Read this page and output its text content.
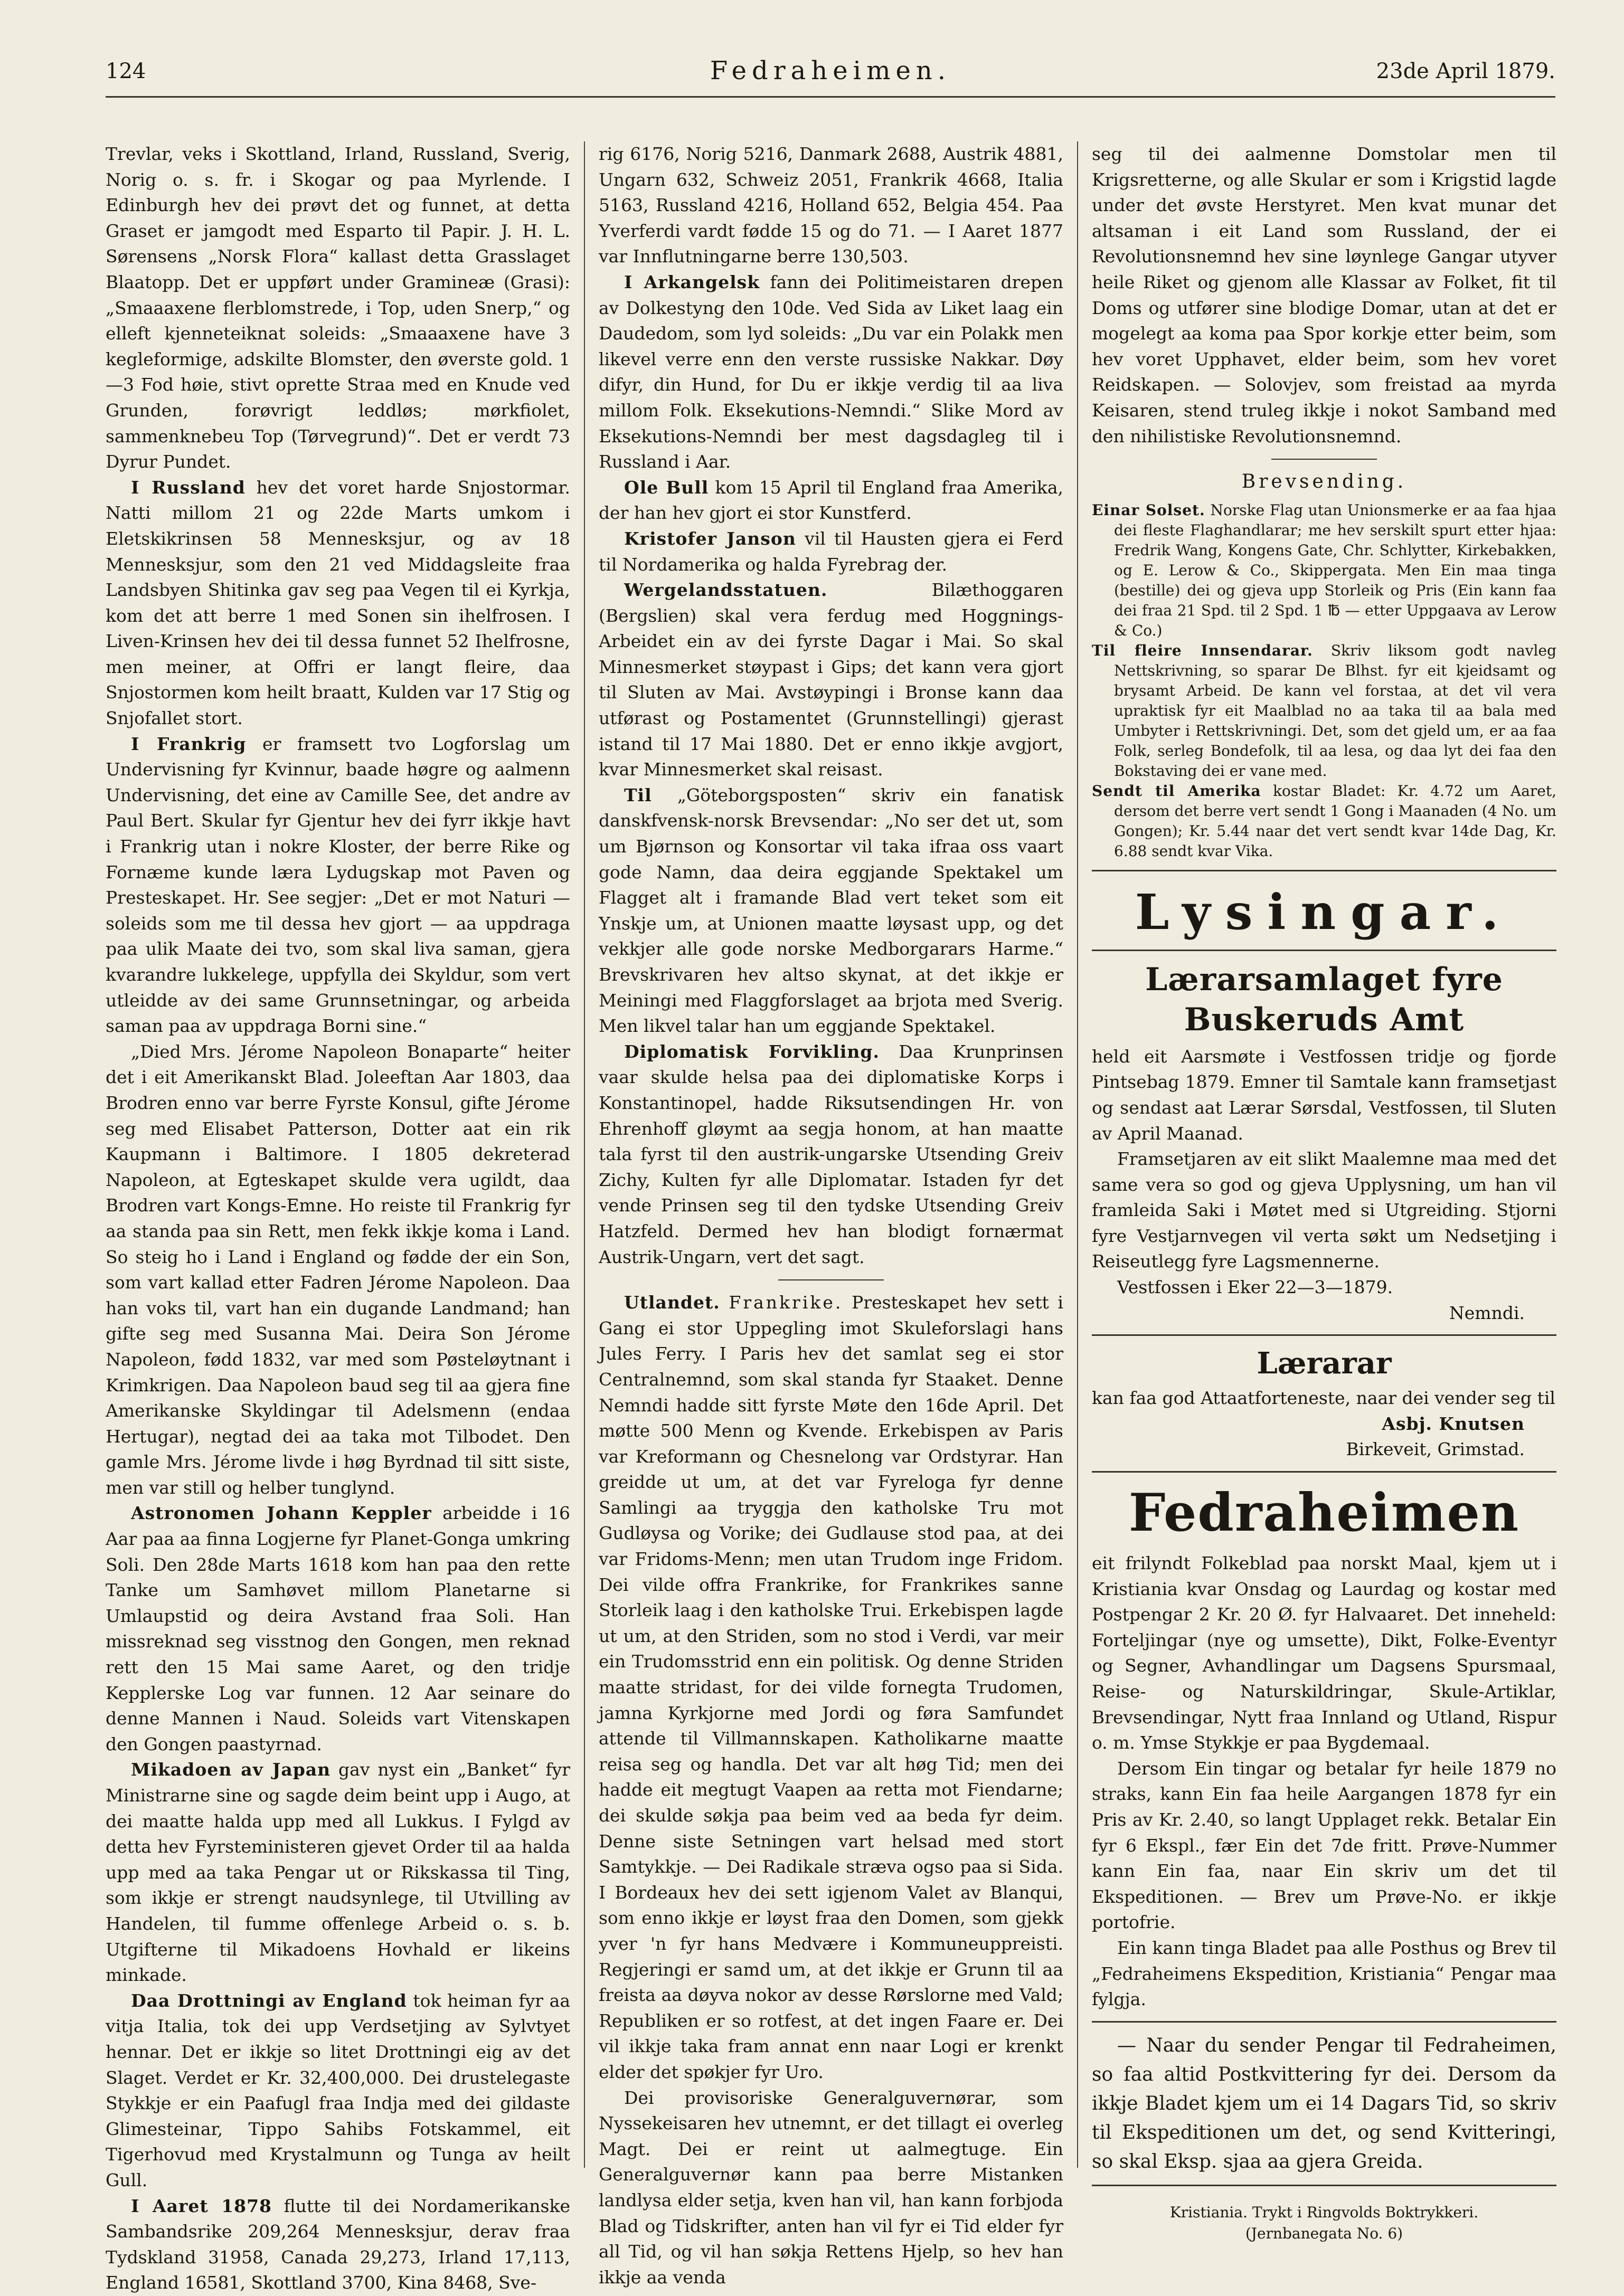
124	Fedraheimen.	23de April 1879.

Trevlar, veks i Skottland, Irland, Russland, Sverig, Norig o. s. fr. i Skogar og paa Myrlende. I Edinburgh hev dei prøvt det og funnet, at detta Graset er jamgodt med Esparto til Papir. J. H. L. Sørensens „Norsk Flora“ kallast detta Grasslaget Blaatopp. Det er uppført under Gramineæ (Grasi): „Smaaaxene flerblomstrede, i Top, uden Snerp,“ og elleft kjenneteiknat soleids: „Smaaaxene have 3 kegleformige, adskilte Blomster, den øverste gold. 1—3 Fod høie, stivt oprette Straa med en Knude ved Grunden, forøvrigt leddløs; mørkfiolet, sammenknebeu Top (Tørvegrund)“. Det er verdt 73 Dyrur Pundet.

I Russland hev det voret harde Snjostormar. Natti millom 21 og 22de Marts umkom i Eletskikrinsen 58 Mennesksjur, og av 18 Mennesksjur, som den 21 ved Middagsleite fraa Landsbyen Shitinka gav seg paa Vegen til ei Kyrkja, kom det att berre 1 med Sonen sin ihelfrosen. I Liven-Krinsen hev dei til dessa funnet 52 Ihelfrosne, men meiner, at Offri er langt fleire, daa Snjostormen kom heilt braatt, Kulden var 17 Stig og Snjofallet stort.

I Frankrig er framsett tvo Logforslag um Undervisning fyr Kvinnur, baade høgre og aalmenn Undervisning, det eine av Camille See, det andre av Paul Bert. Skular fyr Gjentur hev dei fyrr ikkje havt i Frankrig utan i nokre Kloster, der berre Rike og Fornæme kunde læra Lydugskap mot Paven og Presteskapet. Hr. See segjer: „Det er mot Naturi — soleids som me til dessa hev gjort — aa uppdraga paa ulik Maate dei tvo, som skal liva saman, gjera kvarandre lukkelege, uppfylla dei Skyldur, som vert utleidde av dei same Grunnsetningar, og arbeida saman paa av uppdraga Borni sine.“

„Died Mrs. Jérome Napoleon Bonaparte“ heiter det i eit Amerikanskt Blad. Joleeftan Aar 1803, daa Brodren enno var berre Fyrste Konsul, gifte Jérome seg med Elisabet Patterson, Dotter aat ein rik Kaupmann i Baltimore. I 1805 dekreterad Napoleon, at Egteskapet skulde vera ugildt, daa Brodren vart Kongs-Emne. Ho reiste til Frankrig fyr aa standa paa sin Rett, men fekk ikkje koma i Land. So steig ho i Land i England og fødde der ein Son, som vart kallad etter Fadren Jérome Napoleon. Daa han voks til, vart han ein dugande Landmand; han gifte seg med Susanna Mai. Deira Son Jérome Napoleon, fødd 1832, var med som Pøsteløytnant i Krimkrigen. Daa Napoleon baud seg til aa gjera fine Amerikanske Skyldingar til Adelsmenn (endaa Hertugar), negtad dei aa taka mot Tilbodet. Den gamle Mrs. Jérome livde i høg Byrdnad til sitt siste, men var still og helber tunglynd.

Astronomen Johann Keppler arbeidde i 16 Aar paa aa finna Logjerne fyr Planet-Gonga umkring Soli. Den 28de Marts 1618 kom han paa den rette Tanke um Samhøvet millom Planetarne si Umlaupstid og deira Avstand fraa Soli. Han missreknad seg visstnog den Gongen, men reknad rett den 15 Mai same Aaret, og den tridje Kepplerske Log var funnen. 12 Aar seinare do denne Mannen i Naud. Soleids vart Vitenskapen den Gongen paastyrnad.

Mikadoen av Japan gav nyst ein „Banket“ fyr Ministrarne sine og sagde deim beint upp i Augo, at dei maatte halda upp med all Lukkus. I Fylgd av detta hev Fyrsteministeren gjevet Order til aa halda upp med aa taka Pengar ut or Rikskassa til Ting, som ikkje er strengt naudsynlege, til Utvilling av Handelen, til fumme offenlege Arbeid o. s. b. Utgifterne til Mikadoens Hovhald er likeins minkade.

Daa Drottningi av England tok heiman fyr aa vitja Italia, tok dei upp Verdsetjing av Sylvtyet hennar. Det er ikkje so litet Drottningi eig av det Slaget. Verdet er Kr. 32,400,000. Dei drustelegaste Stykkje er ein Paafugl fraa Indja med dei gildaste Glimesteinar, Tippo Sahibs Fotskammel, eit Tigerhovud med Krystalmunn og Tunga av heilt Gull.

I Aaret 1878 flutte til dei Nordamerikanske Sambandsrike 209,264 Mennesksjur, derav fraa Tydskland 31958, Canada 29,273, Irland 17,113, England 16581, Skottland 3700, Kina 8468, Sve-

rig 6176, Norig 5216, Danmark 2688, Austrik 4881, Ungarn 632, Schweiz 2051, Frankrik 4668, Italia 5163, Russland 4216, Holland 652, Belgia 454. Paa Yverferdi vardt fødde 15 og do 71. — I Aaret 1877 var Innflutningarne berre 130,503.

I Arkangelsk fann dei Politimeistaren drepen av Dolkestyng den 10de. Ved Sida av Liket laag ein Daudedom, som lyd soleids: „Du var ein Polakk men likevel verre enn den verste russiske Nakkar. Døy difyr, din Hund, for Du er ikkje verdig til aa liva millom Folk. Eksekutions-Nemndi.“ Slike Mord av Eksekutions-Nemndi ber mest dagsdagleg til i Russland i Aar.

Ole Bull kom 15 April til England fraa Amerika, der han hev gjort ei stor Kunstferd.

Kristofer Janson vil til Hausten gjera ei Ferd til Nordamerika og halda Fyrebrag der.

Wergelandsstatuen. Bilæthoggaren (Bergslien) skal vera ferdug med Hoggnings-Arbeidet ein av dei fyrste Dagar i Mai. So skal Minnesmerket støypast i Gips; det kann vera gjort til Sluten av Mai. Avstøypingi i Bronse kann daa utførast og Postamentet (Grunnstellingi) gjerast istand til 17 Mai 1880. Det er enno ikkje avgjort, kvar Minnesmerket skal reisast.

Til „Göteborgsposten“ skriv ein fanatisk danskfvensk-norsk Brevsendar: „No ser det ut, som um Bjørnson og Konsortar vil taka ifraa oss vaart gode Namn, daa deira eggjande Spektakel um Flagget alt i framande Blad vert teket som eit Ynskje um, at Unionen maatte løysast upp, og det vekkjer alle gode norske Medborgarars Harme.“ Brevskrivaren hev altso skynat, at det ikkje er Meiningi med Flaggforslaget aa brjota med Sverig. Men likvel talar han um eggjande Spektakel.

Diplomatisk Forvikling. Daa Krunprinsen vaar skulde helsa paa dei diplomatiske Korps i Konstantinopel, hadde Riksutsendingen Hr. von Ehrenhoff gløymt aa segja honom, at han maatte tala fyrst til den austrik-ungarske Utsending Greiv Zichy, Kulten fyr alle Diplomatar. Istaden fyr det vende Prinsen seg til den tydske Utsending Greiv Hatzfeld. Dermed hev han blodigt fornærmat Austrik-Ungarn, vert det sagt.

Utlandet. Frankrike. Presteskapet hev sett i Gang ei stor Uppegling imot Skuleforslagi hans Jules Ferry. I Paris hev det samlat seg ei stor Centralnemnd, som skal standa fyr Staaket. Denne Nemndi hadde sitt fyrste Møte den 16de April. Det møtte 500 Menn og Kvende. Erkebispen av Paris var Kreformann og Chesnelong var Ordstyrar. Han greidde ut um, at det var Fyreloga fyr denne Samlingi aa tryggja den katholske Tru mot Gudløysa og Vorike; dei Gudlause stod paa, at dei var Fridoms-Menn; men utan Trudom inge Fridom. Dei vilde offra Frankrike, for Frankrikes sanne Storleik laag i den katholske Trui. Erkebispen lagde ut um, at den Striden, som no stod i Verdi, var meir ein Trudomsstrid enn ein politisk. Og denne Striden maatte stridast, for dei vilde fornegta Trudomen, jamna Kyrkjorne med Jordi og føra Samfundet attende til Villmannskapen. Katholikarne maatte reisa seg og handla. Det var alt høg Tid; men dei hadde eit megtugt Vaapen aa retta mot Fiendarne; dei skulde søkja paa beim ved aa beda fyr deim. Denne siste Setningen vart helsad med stort Samtykkje. — Dei Radikale stræva ogso paa si Sida. I Bordeaux hev dei sett igjenom Valet av Blanqui, som enno ikkje er løyst fraa den Domen, som gjekk yver 'n fyr hans Medvære i Kommuneuppreisti. Regjeringi er samd um, at det ikkje er Grunn til aa freista aa døyva nokor av desse Rørslorne med Vald; Republiken er so rotfest, at det ingen Faare er. Dei vil ikkje taka fram annat enn naar Logi er krenkt elder det spøkjer fyr Uro.

Dei provisoriske Generalguvernørar, som Nyssekeisaren hev utnemnt, er det tillagt ei overleg Magt. Dei er reint ut aalmegtuge. Ein Generalguvernør kann paa berre Mistanken landlysa elder setja, kven han vil, han kann forbjoda Blad og Tidskrifter, anten han vil fyr ei Tid elder fyr all Tid, og vil han søkja Rettens Hjelp, so hev han ikkje aa venda

seg til dei aalmenne Domstolar men til Krigsretterne, og alle Skular er som i Krigstid lagde under det øvste Herstyret. Men kvat munar det altsaman i eit Land som Russland, der ei Revolutionsnemnd hev sine løynlege Gangar utyver heile Riket og gjenom alle Klassar av Folket, fit til Doms og utfører sine blodige Domar, utan at det er mogelegt aa koma paa Spor korkje etter beim, som hev voret Upphavet, elder beim, som hev voret Reidskapen. — Solovjev, som freistad aa myrda Keisaren, stend truleg ikkje i nokot Samband med den nihilistiske Revolutionsnemnd.

Brevsending.

Einar Solset. Norske Flag utan Unionsmerke er aa faa hjaa dei fleste Flaghandlarar; me hev serskilt spurt etter hjaa: Fredrik Wang, Kongens Gate, Chr. Schlytter, Kirkebakken, og E. Lerow & Co., Skippergata. Men Ein maa tinga (bestille) dei og gjeva upp Storleik og Pris (Ein kann faa dei fraa 21 Spd. til 2 Spd. 1 ℔ — etter Uppgaava av Lerow & Co.)

Til fleire Innsendarar. Skriv liksom godt navleg Nettskrivning, so sparar De Blhst. fyr eit kjeidsamt og brysamt Arbeid. De kann vel forstaa, at det vil vera upraktisk fyr eit Maalblad no aa taka til aa bala med Umbyter i Rettskrivningi. Det, som det gjeld um, er aa faa Folk, serleg Bondefolk, til aa lesa, og daa lyt dei faa den Bokstaving dei er vane med.

Sendt til Amerika kostar Bladet: Kr. 4.72 um Aaret, dersom det berre vert sendt 1 Gong i Maanaden (4 No. um Gongen); Kr. 5.44 naar det vert sendt kvar 14de Dag, Kr. 6.88 sendt kvar Vika.

Lysingar.
Lærarsamlaget fyre Buskeruds Amt

held eit Aarsmøte i Vestfossen tridje og fjorde Pintsebag 1879. Emner til Samtale kann framsetjast og sendast aat Lærar Sørsdal, Vestfossen, til Sluten av April Maanad.

Framsetjaren av eit slikt Maalemne maa med det same vera so god og gjeva Upplysning, um han vil framleida Saki i Møtet med si Utgreiding. Stjorni fyre Vestjarnvegen vil verta søkt um Nedsetjing i Reiseutlegg fyre Lagsmennerne.

Vestfossen i Eker 22—3—1879.

Nemndi.

Lærarar

kan faa god Attaatforteneste, naar dei vender seg til

Asbj. Knutsen

Birkeveit, Grimstad.

Fedraheimen

eit frilyndt Folkeblad paa norskt Maal, kjem ut i Kristiania kvar Onsdag og Laurdag og kostar med Postpengar 2 Kr. 20 Ø. fyr Halvaaret. Det inneheld: Forteljingar (nye og umsette), Dikt, Folke-Eventyr og Segner, Avhandlingar um Dagsens Spursmaal, Reise- og Naturskildringar, Skule-Artiklar, Brevsendingar, Nytt fraa Innland og Utland, Rispur o. m. Ymse Stykkje er paa Bygdemaal.

Dersom Ein tingar og betalar fyr heile 1879 no straks, kann Ein faa heile Aargangen 1878 fyr ein Pris av Kr. 2.40, so langt Upplaget rekk. Betalar Ein fyr 6 Ekspl., fær Ein det 7de fritt. Prøve-Nummer kann Ein faa, naar Ein skriv um det til Ekspeditionen. — Brev um Prøve-No. er ikkje portofrie.

Ein kann tinga Bladet paa alle Posthus og Brev til „Fedraheimens Ekspedition, Kristiania“ Pengar maa fylgja.

— Naar du sender Pengar til Fedraheimen, so faa altid Postkvittering fyr dei. Dersom da ikkje Bladet kjem um ei 14 Dagars Tid, so skriv til Ekspeditionen um det, og send Kvitteringi, so skal Eksp. sjaa aa gjera Greida.

Kristiania. Trykt i Ringvolds Boktrykkeri.

(Jernbanegata No. 6)
